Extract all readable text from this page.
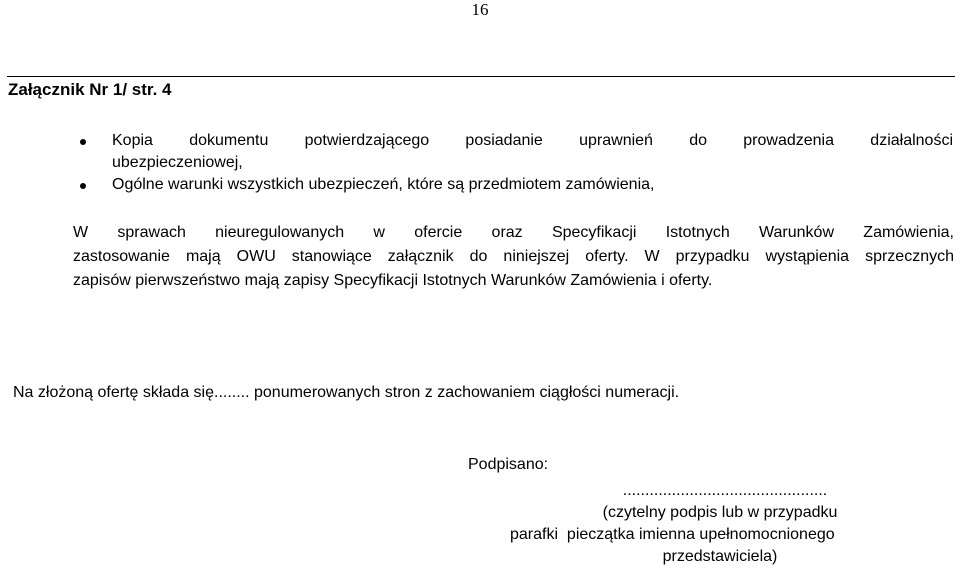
16
Załącznik Nr 1/ str. 4
Kopia dokumentu potwierdzającego posiadanie uprawnień do prowadzenia działalności
ubezpieczeniowej,
Ogólne warunki wszystkich ubezpieczeń, które są przedmiotem zamówienia,
W sprawach nieuregulowanych w ofercie oraz Specyfikacji Istotnych Warunków Zamówienia,
zastosowanie mają OWU stanowiące załącznik do niniejszej oferty. W przypadku wystąpienia sprzecznych
zapisów pierwszeństwo mają zapisy Specyfikacji Istotnych Warunków Zamówienia i oferty.
Na złożoną ofertę składa się........ ponumerowanych stron z zachowaniem ciągłości numeracji.
Podpisano:
..............................................
(czytelny podpis lub w przypadku
parafki  pieczątka imienna upełnomocnionego
przedstawiciela)
